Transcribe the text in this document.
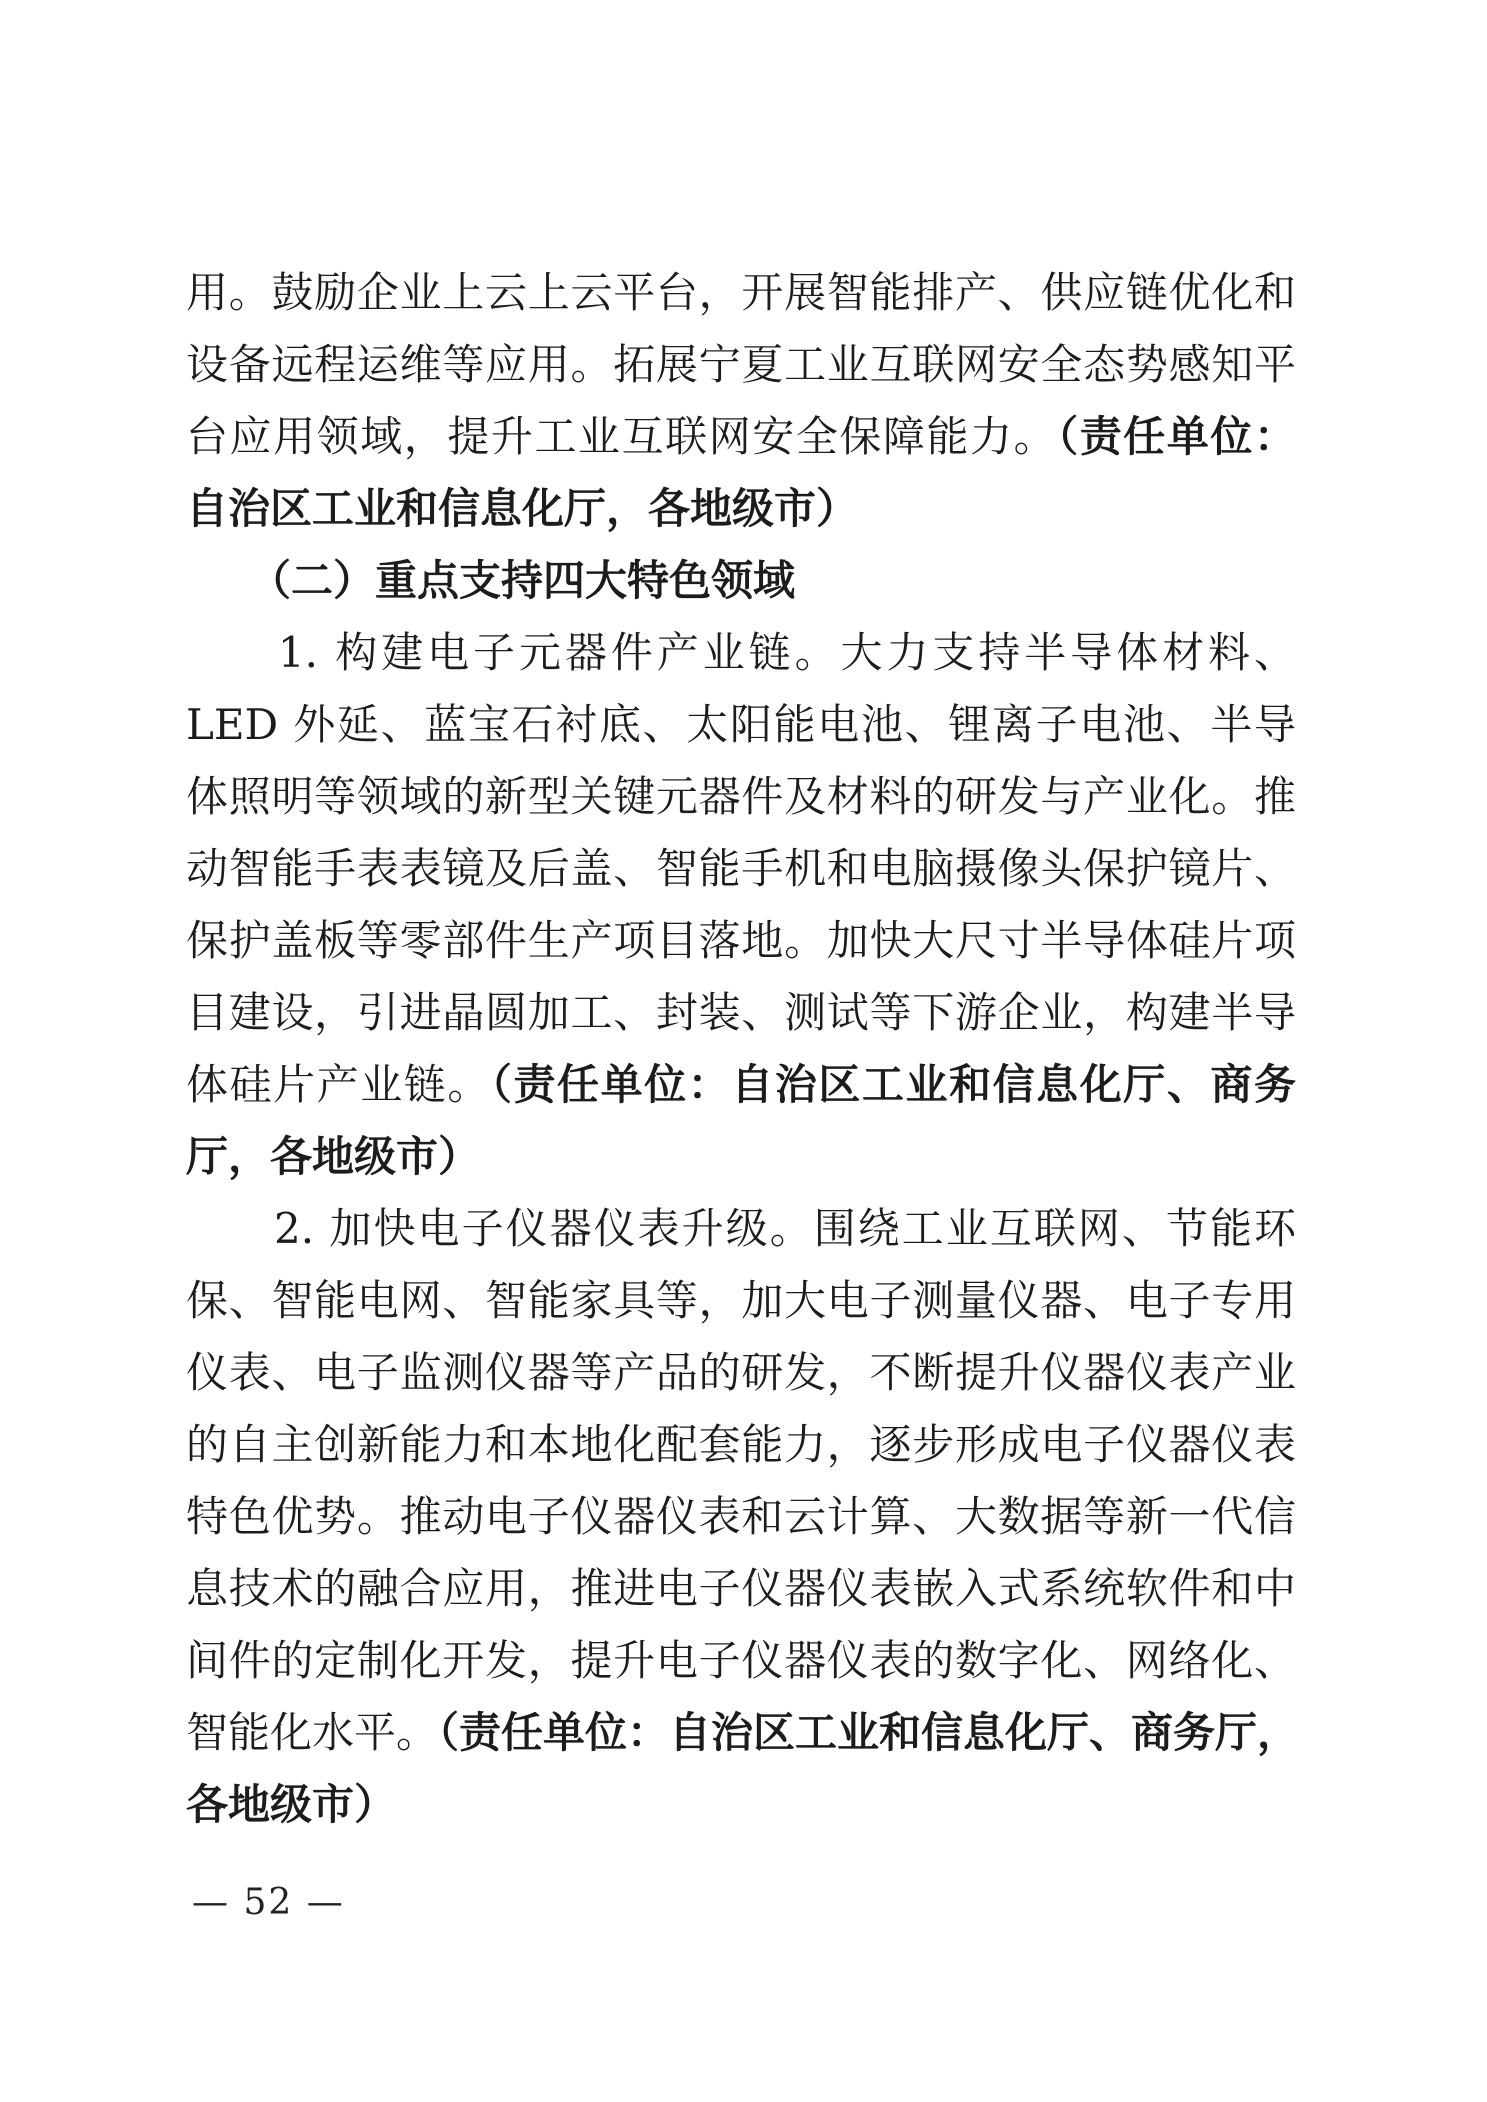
用。鼓励企业上云上云平台，开展智能排产、供应链优化和
设备远程运维等应用。拓展宁夏工业互联网安全态势感知平
台应用领域，提升工业互联网安全保障能力。（责任单位：
自治区工业和信息化厅，各地级市）
　　（二）重点支持四大特色领域
　　1. 构建电子元器件产业链。大力支持半导体材料、
LED 外延、蓝宝石衬底、太阳能电池、锂离子电池、半导
体照明等领域的新型关键元器件及材料的研发与产业化。推
动智能手表表镜及后盖、智能手机和电脑摄像头保护镜片、
保护盖板等零部件生产项目落地。加快大尺寸半导体硅片项
目建设，引进晶圆加工、封装、测试等下游企业，构建半导
体硅片产业链。（责任单位：自治区工业和信息化厅、商务
厅，各地级市）
　　2. 加快电子仪器仪表升级。围绕工业互联网、节能环
保、智能电网、智能家具等，加大电子测量仪器、电子专用
仪表、电子监测仪器等产品的研发，不断提升仪器仪表产业
的自主创新能力和本地化配套能力，逐步形成电子仪器仪表
特色优势。推动电子仪器仪表和云计算、大数据等新一代信
息技术的融合应用，推进电子仪器仪表嵌入式系统软件和中
间件的定制化开发，提升电子仪器仪表的数字化、网络化、
智能化水平。（责任单位：自治区工业和信息化厅、商务厅，
各地级市）
— 52 —
